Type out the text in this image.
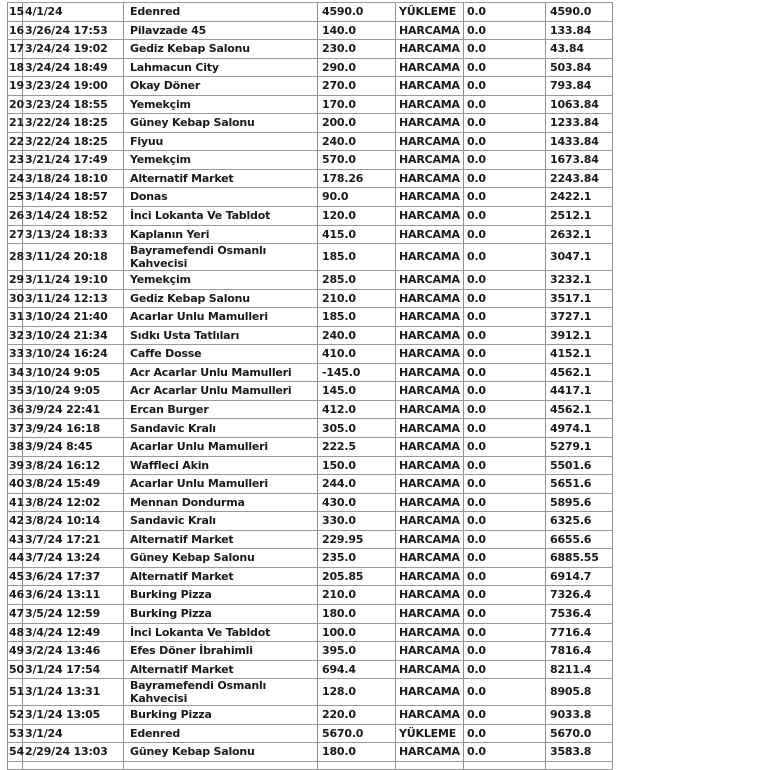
15 4/1/24	Edenred	4590.0	YÜKLEME 0.0	4590.0
16 3/26/24 17:53	Pilavzade 45	140.0	HARCAMA 0.0	133.84
17 3/24/24 19:02	Gediz Kebap Salonu	230.0	HARCAMA 0.0	43.84
18 3/24/24 18:49	Lahmacun City	290.0	HARCAMA 0.0	503.84
19 3/23/24 19:00	Okay Döner	270.0	HARCAMA 0.0	793.84
20 3/23/24 18:55	Yemekçim	170.0	HARCAMA 0.0	1063.84
21 3/22/24 18:25	Güney Kebap Salonu	200.0	HARCAMA 0.0	1233.84
22 3/22/24 18:25	Fiyuu	240.0	HARCAMA 0.0	1433.84
23 3/21/24 17:49	Yemekçim	570.0	HARCAMA 0.0	1673.84
24 3/18/24 18:10	Alternatif Market	178.26	HARCAMA 0.0	2243.84
25 3/14/24 18:57	Donas	90.0	HARCAMA 0.0	2422.1
26 3/14/24 18:52	İnci Lokanta Ve Tabldot	120.0	HARCAMA 0.0	2512.1
27 3/13/24 18:33	Kaplanın Yeri	415.0	HARCAMA 0.0	2632.1
28 3/11/24 20:18	Bayramefendi Osmanlı Kahvecisi	185.0	HARCAMA 0.0	3047.1
29 3/11/24 19:10	Yemekçim	285.0	HARCAMA 0.0	3232.1
30 3/11/24 12:13	Gediz Kebap Salonu	210.0	HARCAMA 0.0	3517.1
31 3/10/24 21:40	Acarlar Unlu Mamulleri	185.0	HARCAMA 0.0	3727.1
32 3/10/24 21:34	Sıdkı Usta Tatlıları	240.0	HARCAMA 0.0	3912.1
33 3/10/24 16:24	Caffe Dosse	410.0	HARCAMA 0.0	4152.1
34 3/10/24 9:05	Acr Acarlar Unlu Mamulleri	-145.0	HARCAMA 0.0	4562.1
35 3/10/24 9:05	Acr Acarlar Unlu Mamulleri	145.0	HARCAMA 0.0	4417.1
36 3/9/24 22:41	Ercan Burger	412.0	HARCAMA 0.0	4562.1
37 3/9/24 16:18	Sandavic Kralı	305.0	HARCAMA 0.0	4974.1
38 3/9/24 8:45	Acarlar Unlu Mamulleri	222.5	HARCAMA 0.0	5279.1
39 3/8/24 16:12	Waffleci Akin	150.0	HARCAMA 0.0	5501.6
40 3/8/24 15:49	Acarlar Unlu Mamulleri	244.0	HARCAMA 0.0	5651.6
41 3/8/24 12:02	Mennan Dondurma	430.0	HARCAMA 0.0	5895.6
42 3/8/24 10:14	Sandavic Kralı	330.0	HARCAMA 0.0	6325.6
43 3/7/24 17:21	Alternatif Market	229.95	HARCAMA 0.0	6655.6
44 3/7/24 13:24	Güney Kebap Salonu	235.0	HARCAMA 0.0	6885.55
45 3/6/24 17:37	Alternatif Market	205.85	HARCAMA 0.0	6914.7
46 3/6/24 13:11	Burking Pizza	210.0	HARCAMA 0.0	7326.4
47 3/5/24 12:59	Burking Pizza	180.0	HARCAMA 0.0	7536.4
48 3/4/24 12:49	İnci Lokanta Ve Tabldot	100.0	HARCAMA 0.0	7716.4
49 3/2/24 13:46	Efes Döner İbrahimli	395.0	HARCAMA 0.0	7816.4
50 3/1/24 17:54	Alternatif Market	694.4	HARCAMA 0.0	8211.4
51 3/1/24 13:31	Bayramefendi Osmanlı Kahvecisi	128.0	HARCAMA 0.0	8905.8
52 3/1/24 13:05	Burking Pizza	220.0	HARCAMA 0.0	9033.8
53 3/1/24	Edenred	5670.0	YÜKLEME 0.0	5670.0
54 2/29/24 13:03	Güney Kebap Salonu	180.0	HARCAMA 0.0	3583.8
